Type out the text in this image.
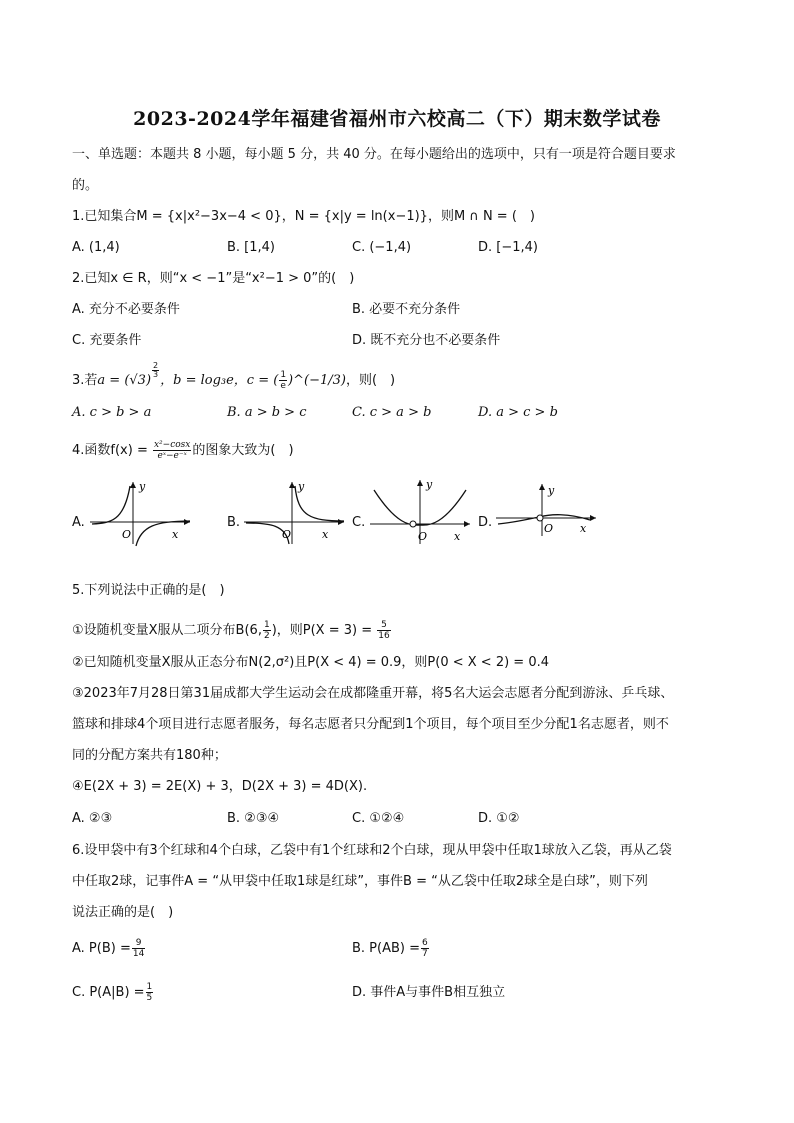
2023-2024学年福建省福州市六校高二（下）期末数学试卷
一、单选题：本题共 8 小题，每小题 5 分，共 40 分。在每小题给出的选项中，只有一项是符合题目要求
的。
1.已知集合M = {x|x²−3x−4 < 0}，N = {x|y = ln(x−1)}，则M ∩ N = (　)
A. (1,4)	B. [1,4)	C. (−1,4)	D. [−1,4)
2.已知x ∈ R，则“x < −1”是“x²−1 > 0”的(　)
A. 充分不必要条件	B. 必要不充分条件
C. 充要条件	D. 既不充分也不必要条件
3.若a = (√3)
$\frac{2}{3}$
，b = log₃e，c = ( $\frac{1}{e}$ )^(−1/3)，则(　)
A. c > b > a	B. a > b > c	C. c > a > b	D. a > c > b
4.函数$f(x) = \frac{\text{x²−cosx}}{\text{eˣ−e⁻ˣ}}$ 的图象大致为(　)
A.	B.	C.	D.
y
x
O
y
x
O
y
x
O
y
x
O
5.下列说法中正确的是(　)
①设随机变量X服从二项分布B(6, $\frac{1}{2}$ )，则$P(X = 3) = \frac{5}{16}$
②已知随机变量X服从正态分布N(2,σ²)且P(X < 4) = 0.9，则P(0 < X < 2) = 0.4
③2023年7月28日第31届成都大学生运动会在成都隆重开幕，将5名大运会志愿者分配到游泳、乒乓球、
篮球和排球4个项目进行志愿者服务，每名志愿者只分配到1个项目，每个项目至少分配1名志愿者，则不
同的分配方案共有180种；
④E(2X + 3) = 2E(X) + 3，D(2X + 3) = 4D(X).
A. ②③	B. ②③④	C. ①②④	D. ①②
6.设甲袋中有3个红球和4个白球，乙袋中有1个红球和2个白球，现从甲袋中任取1球放入乙袋，再从乙袋
中任取2球，记事件A = “从甲袋中任取1球是红球”，事件B = “从乙袋中任取2球全是白球”，则下列
说法正确的是(　)
A. $P(B) = \frac{9}{14}$	B. $P(AB) = \frac{6}{7}$
C. $P(A|B) = \frac{1}{5}$	D. 事件A与事件B相互独立
